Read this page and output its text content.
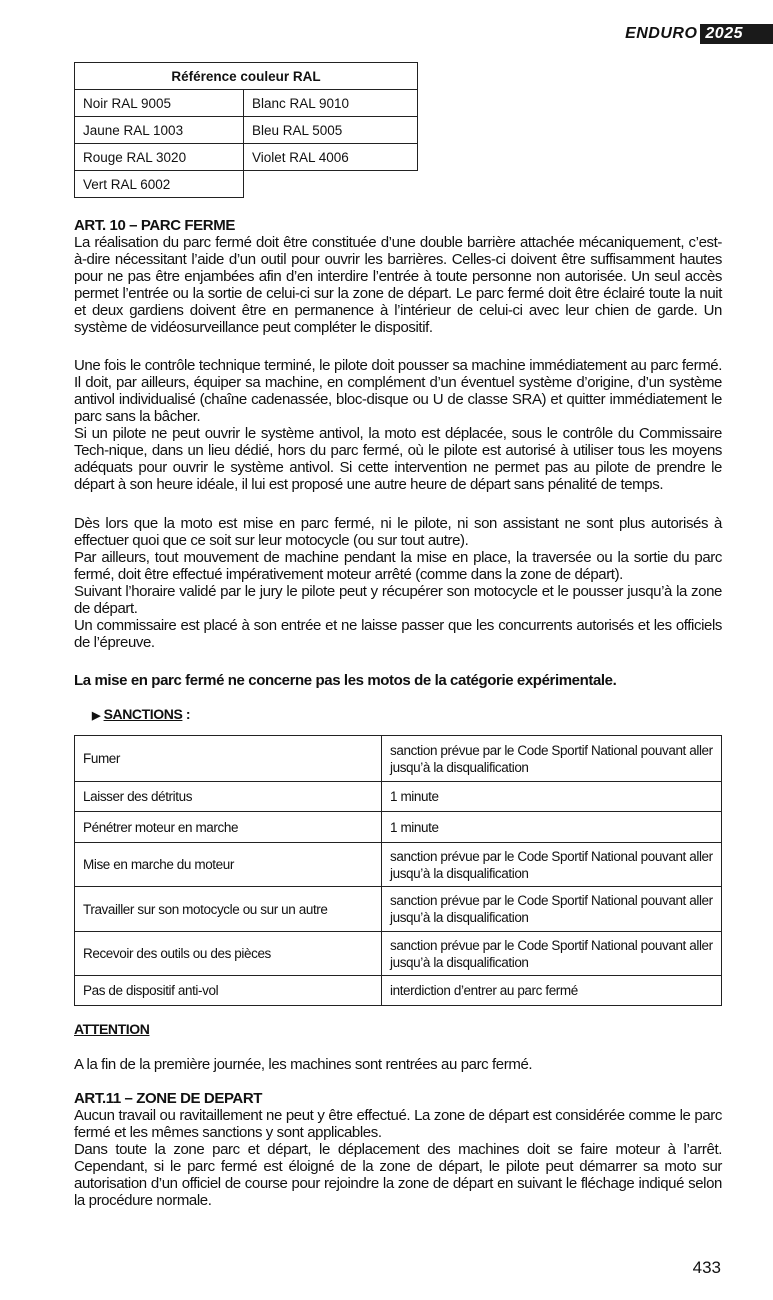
ENDURO 2025
Référence couleur RAL	
Noir RAL 9005	Blanc RAL 9010
Jaune RAL 1003	Bleu RAL 5005
Rouge RAL 3020	Violet RAL 4006
Vert RAL 6002	

ART. 10 – PARC FERME

La réalisation du parc fermé doit être constituée d’une double barrière attachée mécaniquement, c’est-à-dire nécessitant l’aide d’un outil pour ouvrir les barrières. Celles-ci doivent être suffisamment hautes pour ne pas être enjambées afin d’en interdire l’entrée à toute personne non autorisée. Un seul accès permet l’entrée ou la sortie de celui-ci sur la zone de départ. Le parc fermé doit être éclairé toute la nuit et deux gardiens doivent être en permanence à l’intérieur de celui-ci avec leur chien de garde. Un système de vidéosurveillance peut compléter le dispositif.

Une fois le contrôle technique terminé, le pilote doit pousser sa machine immédiatement au parc fermé. Il doit, par ailleurs, équiper sa machine, en complément d’un éventuel système d’origine, d’un système antivol individualisé (chaîne cadenassée, bloc-disque ou U de classe SRA) et quitter immédiatement le parc sans la bâcher.

Si un pilote ne peut ouvrir le système antivol, la moto est déplacée, sous le contrôle du Commissaire Tech-nique, dans un lieu dédié, hors du parc fermé, où le pilote est autorisé à utiliser tous les moyens adéquats pour ouvrir le système antivol. Si cette intervention ne permet pas au pilote de prendre le départ à son heure idéale, il lui est proposé une autre heure de départ sans pénalité de temps.

Dès lors que la moto est mise en parc fermé, ni le pilote, ni son assistant ne sont plus autorisés à effectuer quoi que ce soit sur leur motocycle (ou sur tout autre).

Par ailleurs, tout mouvement de machine pendant la mise en place, la traversée ou la sortie du parc fermé, doit être effectué impérativement moteur arrêté (comme dans la zone de départ).

Suivant l’horaire validé par le jury le pilote peut y récupérer son motocycle et le pousser jusqu’à la zone de départ.

Un commissaire est placé à son entrée et ne laisse passer que les concurrents autorisés et les officiels de l’épreuve.

La mise en parc fermé ne concerne pas les motos de la catégorie expérimentale.

▶ SANCTIONS :
Fumer	sanction prévue par le Code Sportif National pouvant aller jusqu’à la disqualification
Laisser des détritus	1 minute
Pénétrer moteur en marche	1 minute
Mise en marche du moteur	sanction prévue par le Code Sportif National pouvant aller jusqu’à la disqualification
Travailler sur son motocycle ou sur un autre	sanction prévue par le Code Sportif National pouvant aller jusqu’à la disqualification
Recevoir des outils ou des pièces	sanction prévue par le Code Sportif National pouvant aller jusqu’à la disqualification
Pas de dispositif anti-vol	interdiction d’entrer au parc fermé
ATTENTION

A la fin de la première journée, les machines sont rentrées au parc fermé.

ART.11 – ZONE DE DEPART

Aucun travail ou ravitaillement ne peut y être effectué. La zone de départ est considérée comme le parc fermé et les mêmes sanctions y sont applicables.

Dans toute la zone parc et départ, le déplacement des machines doit se faire moteur à l’arrêt. Cependant, si le parc fermé est éloigné de la zone de départ, le pilote peut démarrer sa moto sur autorisation d’un officiel de course pour rejoindre la zone de départ en suivant le fléchage indiqué selon la procédure normale.

433
